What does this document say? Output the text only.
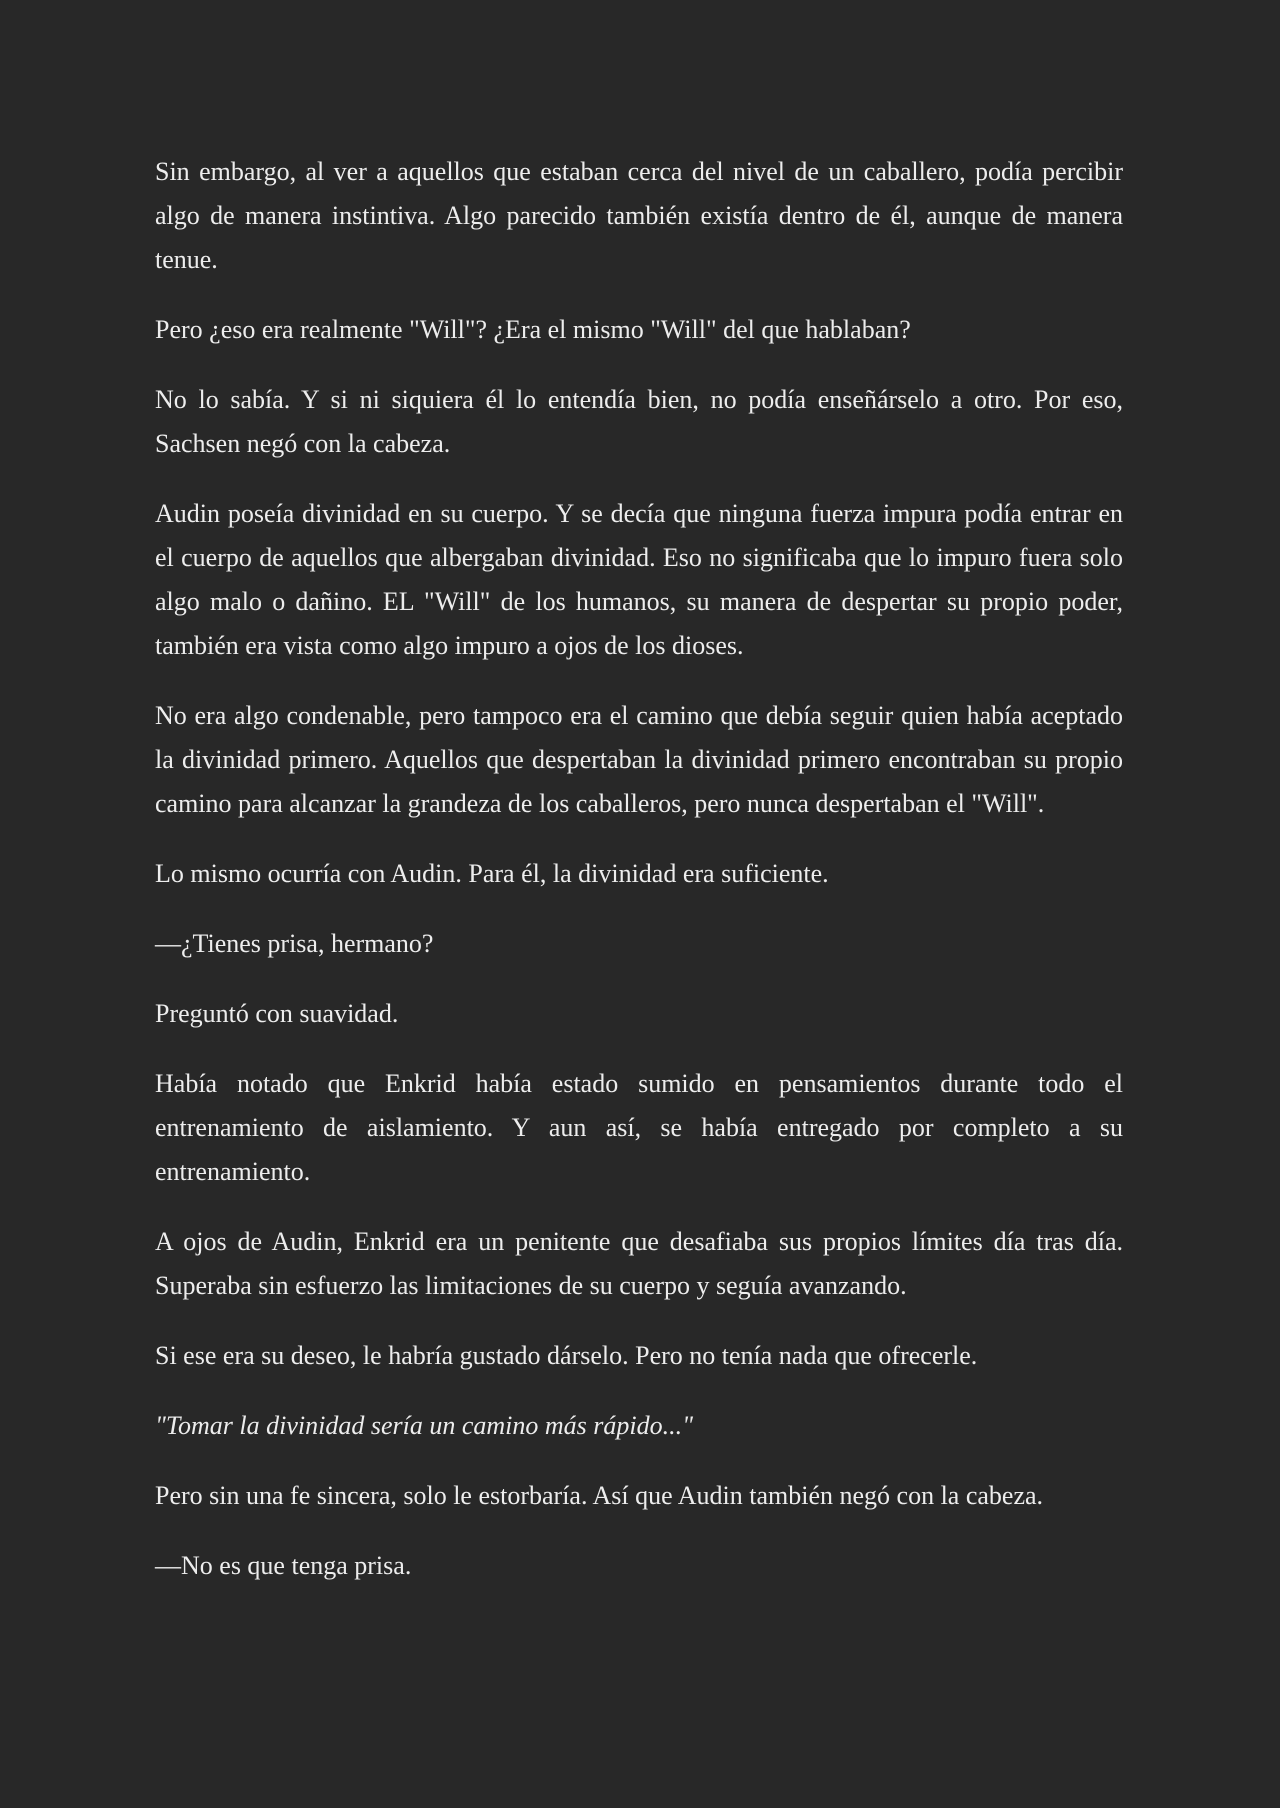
Sin embargo, al ver a aquellos que estaban cerca del nivel de un caballero, podía percibir algo de manera instintiva. Algo parecido también existía dentro de él, aunque de manera tenue.

Pero ¿eso era realmente "Will"? ¿Era el mismo "Will" del que hablaban?

No lo sabía. Y si ni siquiera él lo entendía bien, no podía enseñárselo a otro. Por eso, Sachsen negó con la cabeza.

Audin poseía divinidad en su cuerpo. Y se decía que ninguna fuerza impura podía entrar en el cuerpo de aquellos que albergaban divinidad. Eso no significaba que lo impuro fuera solo algo malo o dañino. EL "Will" de los humanos, su manera de despertar su propio poder, también era vista como algo impuro a ojos de los dioses.

No era algo condenable, pero tampoco era el camino que debía seguir quien había aceptado la divinidad primero. Aquellos que despertaban la divinidad primero encontraban su propio camino para alcanzar la grandeza de los caballeros, pero nunca despertaban el "Will".

Lo mismo ocurría con Audin. Para él, la divinidad era suficiente.

—¿Tienes prisa, hermano?

Preguntó con suavidad.

Había notado que Enkrid había estado sumido en pensamientos durante todo el entrenamiento de aislamiento. Y aun así, se había entregado por completo a su entrenamiento.

A ojos de Audin, Enkrid era un penitente que desafiaba sus propios límites día tras día. Superaba sin esfuerzo las limitaciones de su cuerpo y seguía avanzando.

Si ese era su deseo, le habría gustado dárselo. Pero no tenía nada que ofrecerle.

"Tomar la divinidad sería un camino más rápido..."

Pero sin una fe sincera, solo le estorbaría. Así que Audin también negó con la cabeza.

—No es que tenga prisa.
